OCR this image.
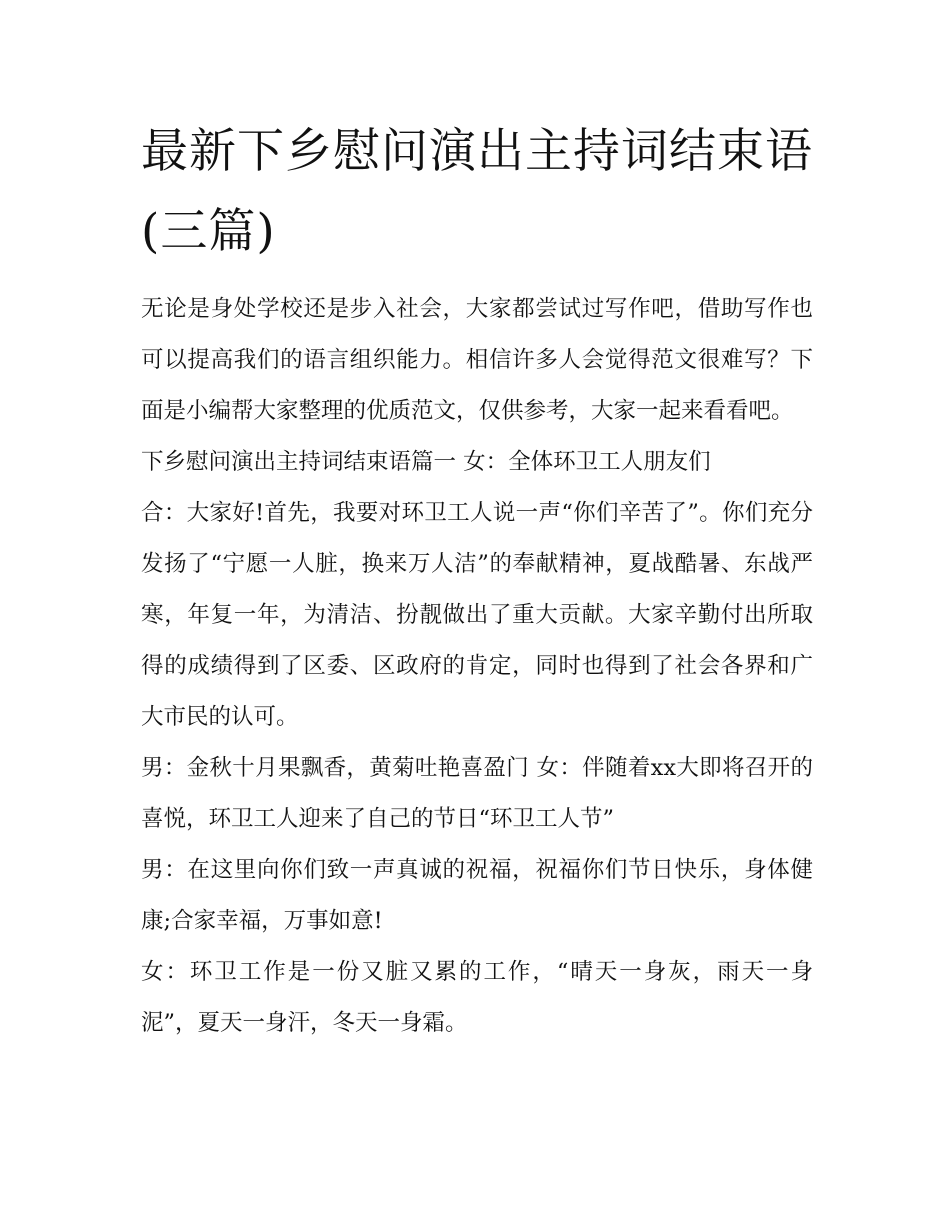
最新下乡慰问演出主持词结束语(三篇)

无论是身处学校还是步入社会，大家都尝试过写作吧，借助写作也可以提高我们的语言组织能力。相信许多人会觉得范文很难写？下面是小编帮大家整理的优质范文，仅供参考，大家一起来看看吧。

下乡慰问演出主持词结束语篇一 女：全体环卫工人朋友们

合：大家好!首先，我要对环卫工人说一声“你们辛苦了”。你们充分发扬了“宁愿一人脏，换来万人洁”的奉献精神，夏战酷暑、东战严寒，年复一年，为清洁、扮靓做出了重大贡献。大家辛勤付出所取得的成绩得到了区委、区政府的肯定，同时也得到了社会各界和广大市民的认可。

男：金秋十月果飘香，黄菊吐艳喜盈门 女：伴随着xx大即将召开的喜悦，环卫工人迎来了自己的节日“环卫工人节”

男：在这里向你们致一声真诚的祝福，祝福你们节日快乐，身体健康;合家幸福，万事如意!

女：环卫工作是一份又脏又累的工作，“晴天一身灰，雨天一身泥”，夏天一身汗，冬天一身霜。
